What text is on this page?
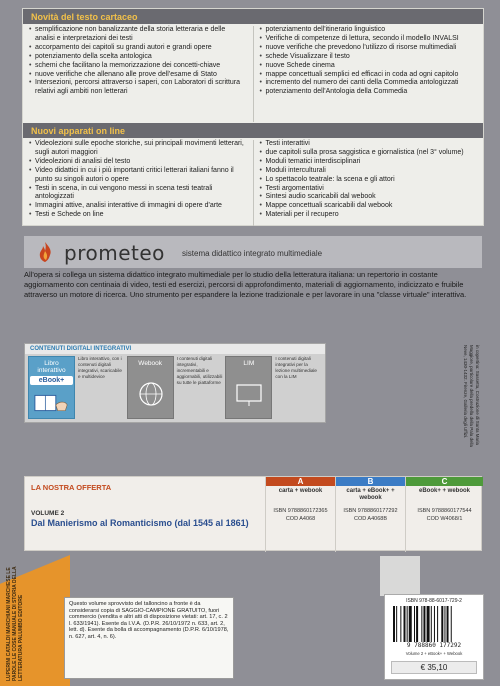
Novità del testo cartaceo
• semplificazione non banalizzante della storia letteraria e delle analisi e interpretazioni dei testi
• accorpamento dei capitoli su grandi autori e grandi opere
• potenziamento della scelta antologica
• schemi che facilitano la memorizzazione dei concetti-chiave
• nuove verifiche che allenano alle prove dell'esame di Stato
• Intersezioni, percorsi attraverso i saperi, con Laboratori di scrittura relativi agli ambiti non letterari
• potenziamento dell'itinerario linguistico
• Verifiche di competenze di lettura, secondo il modello INVALSI
• nuove verifiche che prevedono l'utilizzo di risorse multimediali
• schede Visualizzare il testo
• nuove Schede cinema
• mappe concettuali semplici ed efficaci in coda ad ogni capitolo
• incremento del numero dei canti della Commedia antologizzati
• potenziamento dell'Antologia della Commedia
Nuovi apparati on line
• Videolezioni sulle epoche storiche, sui principali movimenti letterari, sugli autori maggiori
• Videolezioni di analisi del testo
• Video didattici in cui i più importanti critici letterari italiani fanno il punto su singoli autori o opere
• Testi in scena, in cui vengono messi in scena testi teatrali antologizzati
• Immagini attive, analisi interattive di immagini di opere d'arte
• Testi e Schede on line
• Testi interattivi
• due capitoli sulla prosa saggistica e giornalistica (nel 3° volume)
• Moduli tematici interdisciplinari
• Moduli interculturali
• Lo spettacolo teatrale: la scena e gli attori
• Testi argomentativi
• Sintesi audio scaricabili dal webook
• Mappe concettuali scaricabili dal webook
• Materiali per il recupero
prometeo sistema didattico integrato multimediale
All'opera si collega un sistema didattico integrato multimediale per lo studio della letteratura italiana: un repertorio in costante aggiornamento con centinaia di video, testi ed esercizi, percorsi di approfondimento, materiali di aggiornamento, indicizzato e fruibile attraverso un motore di ricerca. Uno strumento per espandere la lezione tradizionale e per lavorare in una "classe virtuale" interattiva.
CONTENUTI DIGITALI INTEGRATIVI
Libro interattivo
eBook+
Libro interattivo, con i contenuti digitali integrativi, scaricabile e multidevice
Webook
I contenuti digitali integrativi, incrementabili e aggiornabili, utilizzabili su tutte le piattaforme
LIM
I contenuti digitali integrativi per la lezione multimediale con la LIM	in copertina: Sassetta, Costruzione di Santa Maria Maggiore, particolare della predella della Pala della Neve, 1430-1432. Firenze, Galleria degli Uffizi.
LA NOSTRA OFFERTA
VOLUME 2
Dal Manierismo al Romanticismo (dal 1545 al 1861)
A
carta + webook
ISBN 9788860172365
COD A4068
B
carta + eBook+ + webook
ISBN 9788860177292
COD A4068B
C
eBook+ + webook
ISBN 9788860177544
COD W4068/1
LUPERINI CATALDI MARCHIANI MARCHESE LE PAROLE LE COSE MANUALE DI STORIA DELLA LETTERATURA PALUMBO EDITORE	Questo volume sprovvisto del talloncino a fronte è da considerarsi copia di SAGGIO-CAMPIONE GRATUITO, fuori commercio (vendita e altri atti di disposizione vietati: art. 17, c. 2 l. 633/1941). Esente da I.V.A. (D.P.R. 26/10/1972 n. 633, art. 2, lett. d). Esente da bolla di accompagnamento (D.P.R. 6/10/1978, n. 627, art. 4, n. 6).
ISBN 978-88-6017-729-2
9 788860 177292
Volume 2 + eBook+ + Webook
€ 35,10
